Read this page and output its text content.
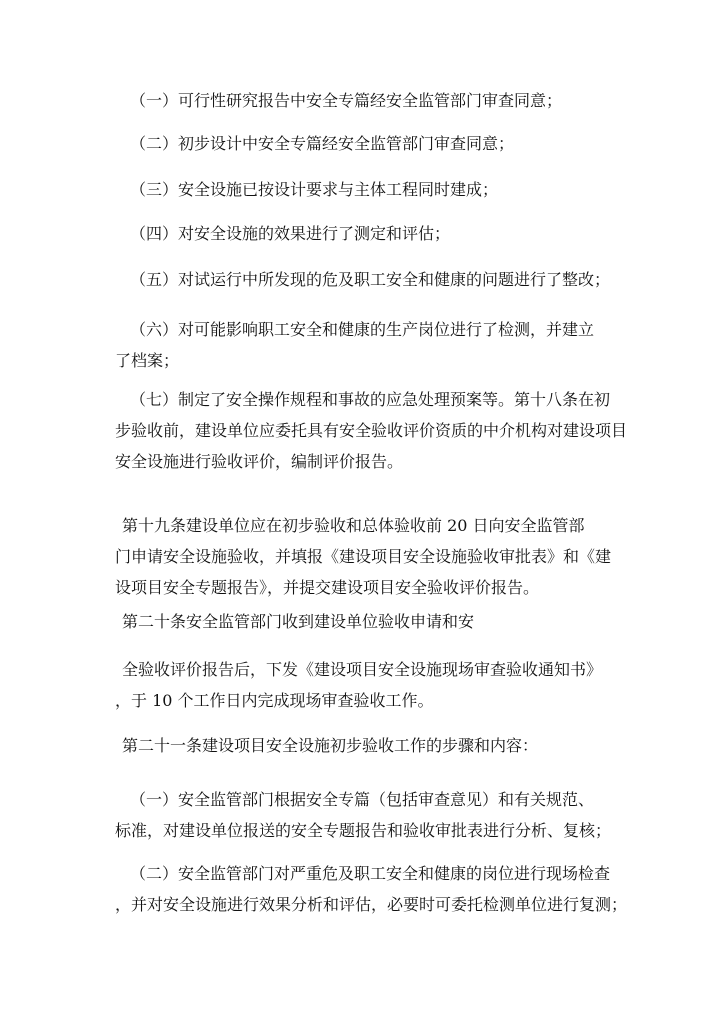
（一）可行性研究报告中安全专篇经安全监管部门审查同意；

（二）初步设计中安全专篇经安全监管部门审查同意；

（三）安全设施已按设计要求与主体工程同时建成；

（四）对安全设施的效果进行了测定和评估；

（五）对试运行中所发现的危及职工安全和健康的问题进行了整改；

（六）对可能影响职工安全和健康的生产岗位进行了检测，并建立
了档案；

（七）制定了安全操作规程和事故的应急处理预案等。第十八条在初
步验收前，建设单位应委托具有安全验收评价资质的中介机构对建设项目
安全设施进行验收评价，编制评价报告。

第十九条建设单位应在初步验收和总体验收前 20 日向安全监管部
门申请安全设施验收，并填报《建设项目安全设施验收审批表》和《建
设项目安全专题报告》，并提交建设项目安全验收评价报告。

第二十条安全监管部门收到建设单位验收申请和安

全验收评价报告后，下发《建设项目安全设施现场审查验收通知书》
，于 10 个工作日内完成现场审查验收工作。

第二十一条建设项目安全设施初步验收工作的步骤和内容：

（一）安全监管部门根据安全专篇（包括审查意见）和有关规范、
标准，对建设单位报送的安全专题报告和验收审批表进行分析、复核；

（二）安全监管部门对严重危及职工安全和健康的岗位进行现场检查
，并对安全设施进行效果分析和评估，必要时可委托检测单位进行复测；
